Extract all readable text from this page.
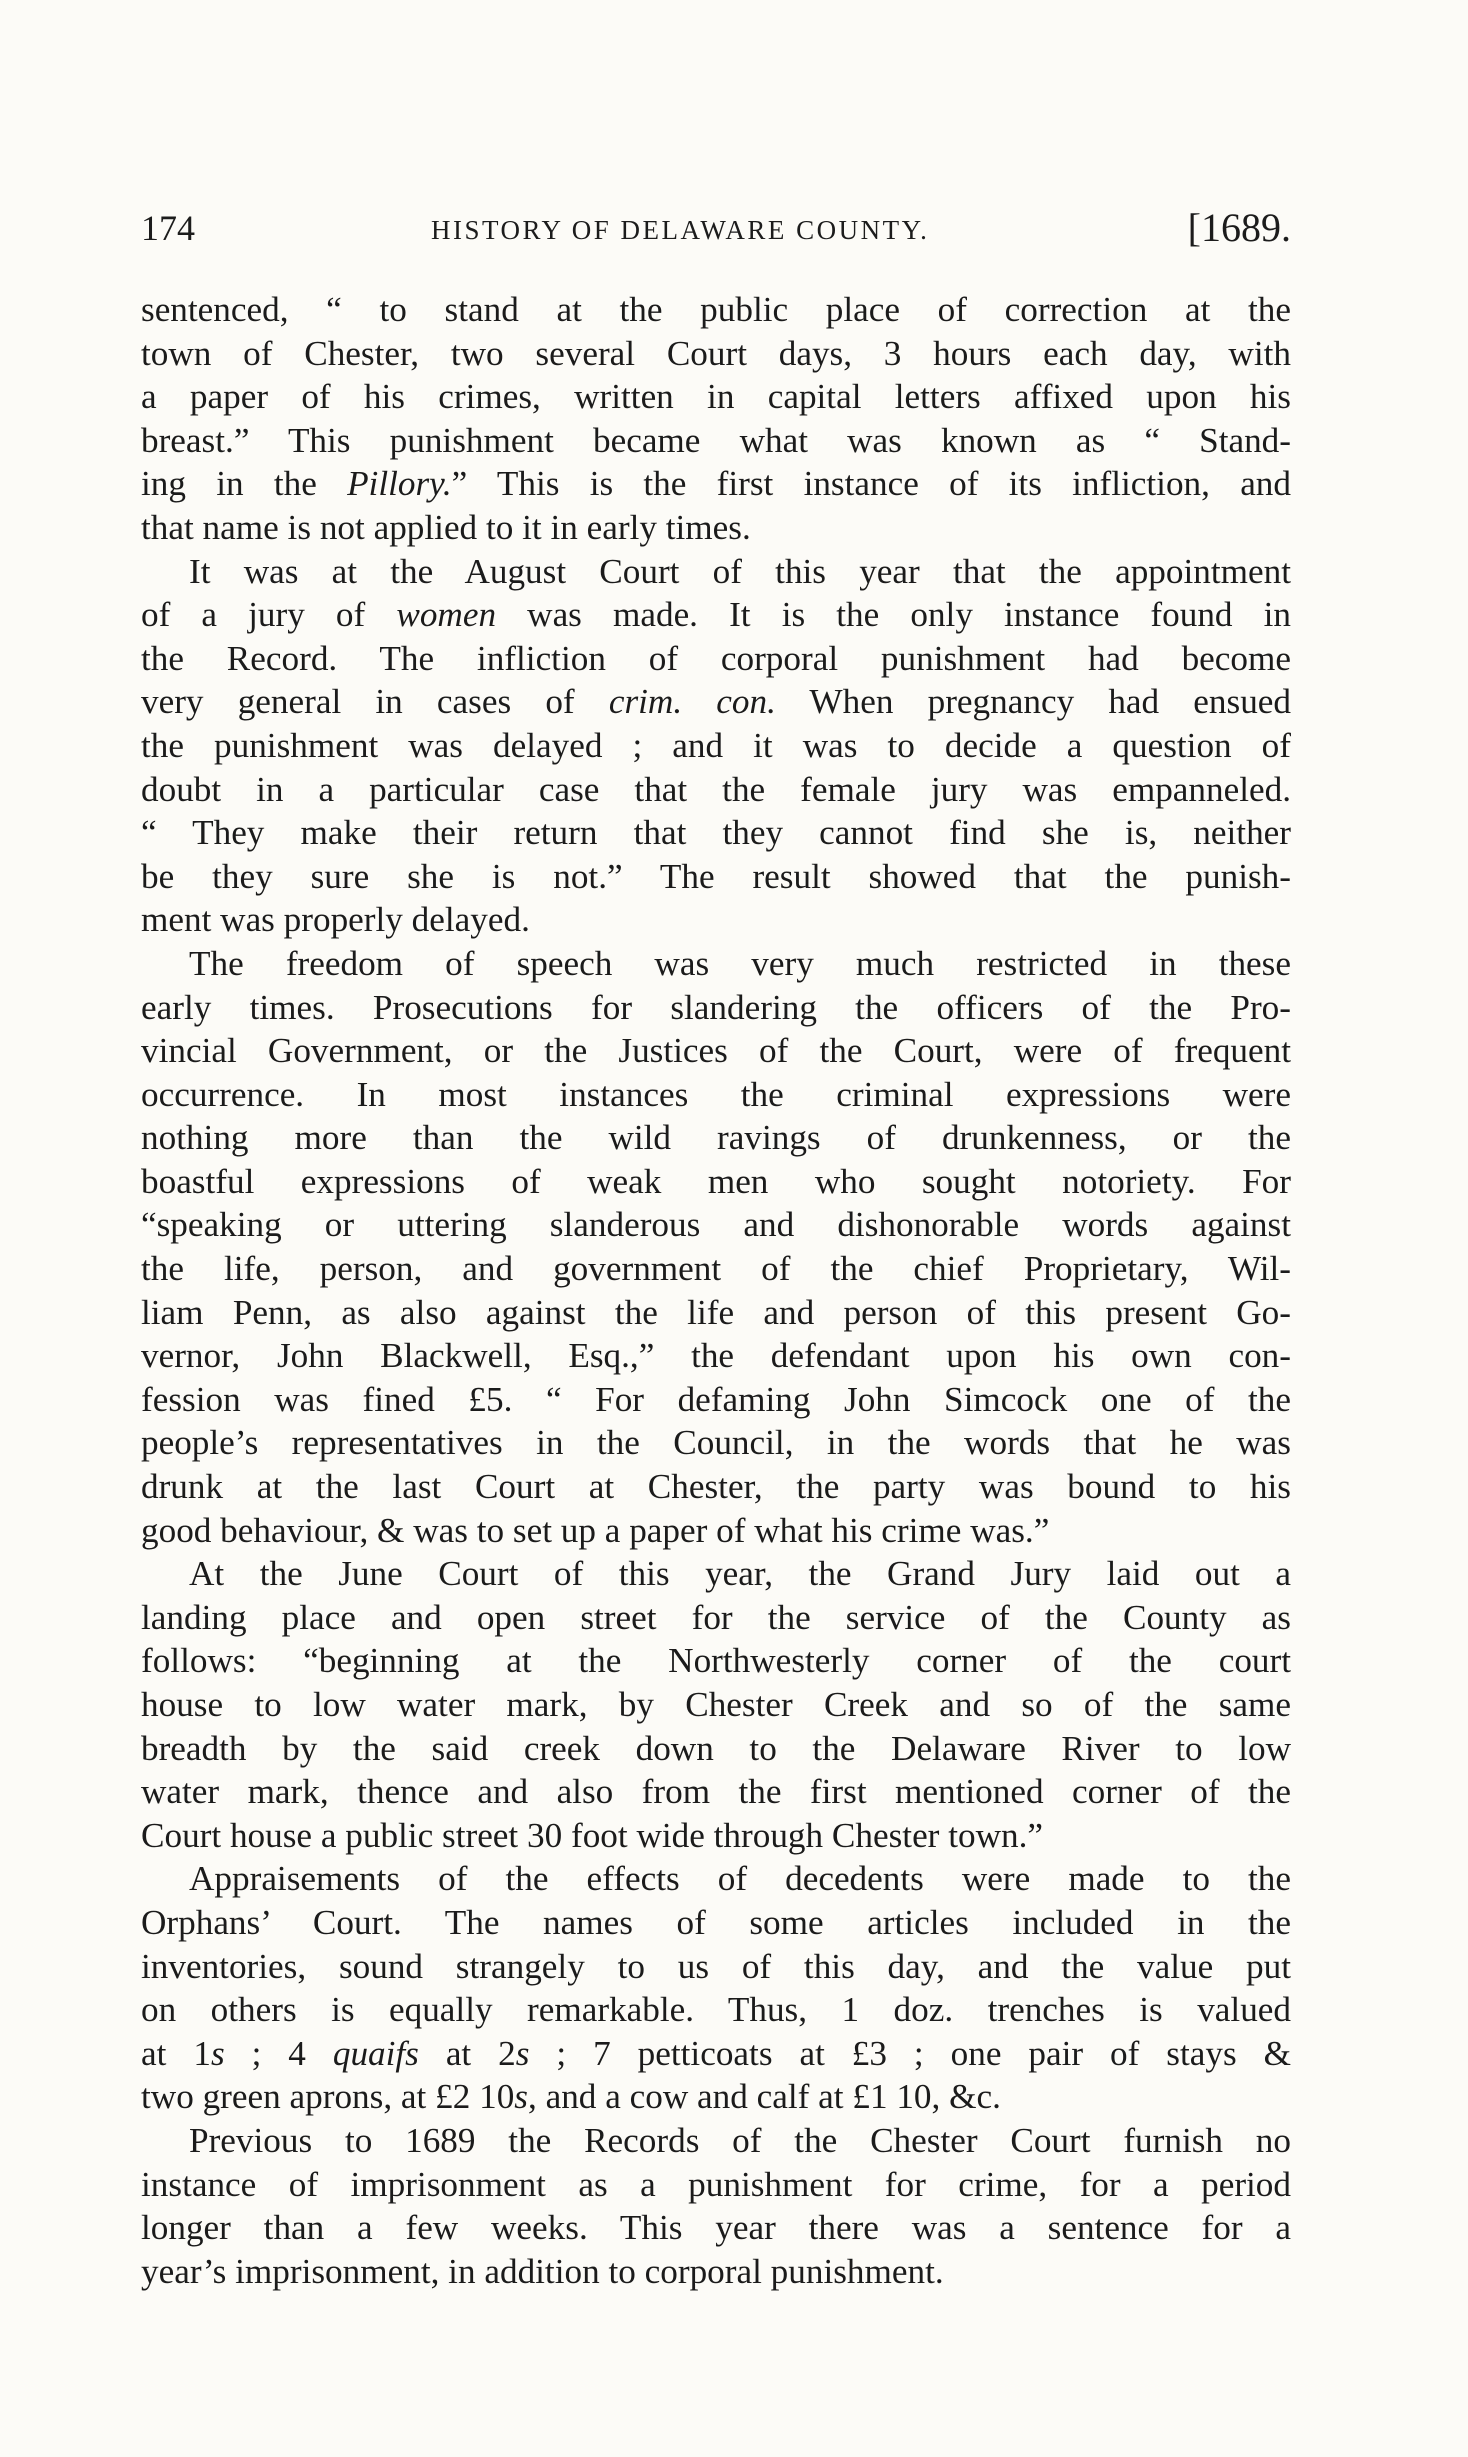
174	HISTORY OF DELAWARE COUNTY.	[1689.
sentenced, “ to stand at the public place of correction at the
town of Chester, two several Court days, 3 hours each day, with
a paper of his crimes, written in capital letters affixed upon his
breast.” This punishment became what was known as “ Stand-
ing in the Pillory.” This is the first instance of its infliction, and
that name is not applied to it in early times.
It was at the August Court of this year that the appointment
of a jury of women was made. It is the only instance found in
the Record. The infliction of corporal punishment had become
very general in cases of crim. con. When pregnancy had ensued
the punishment was delayed ; and it was to decide a question of
doubt in a particular case that the female jury was empanneled.
“ They make their return that they cannot find she is, neither
be they sure she is not.” The result showed that the punish-
ment was properly delayed.
The freedom of speech was very much restricted in these
early times. Prosecutions for slandering the officers of the Pro-
vincial Government, or the Justices of the Court, were of frequent
occurrence. In most instances the criminal expressions were
nothing more than the wild ravings of drunkenness, or the
boastful expressions of weak men who sought notoriety. For
“speaking or uttering slanderous and dishonorable words against
the life, person, and government of the chief Proprietary, Wil-
liam Penn, as also against the life and person of this present Go-
vernor, John Blackwell, Esq.,” the defendant upon his own con-
fession was fined £5. “ For defaming John Simcock one of the
people’s representatives in the Council, in the words that he was
drunk at the last Court at Chester, the party was bound to his
good behaviour, & was to set up a paper of what his crime was.”
At the June Court of this year, the Grand Jury laid out a
landing place and open street for the service of the County as
follows: “beginning at the Northwesterly corner of the court
house to low water mark, by Chester Creek and so of the same
breadth by the said creek down to the Delaware River to low
water mark, thence and also from the first mentioned corner of the
Court house a public street 30 foot wide through Chester town.”
Appraisements of the effects of decedents were made to the
Orphans’ Court. The names of some articles included in the
inventories, sound strangely to us of this day, and the value put
on others is equally remarkable. Thus, 1 doz. trenches is valued
at 1s ; 4 quaifs at 2s ; 7 petticoats at £3 ; one pair of stays &
two green aprons, at £2 10s, and a cow and calf at £1 10, &c.
Previous to 1689 the Records of the Chester Court furnish no
instance of imprisonment as a punishment for crime, for a period
longer than a few weeks. This year there was a sentence for a
year’s imprisonment, in addition to corporal punishment.
